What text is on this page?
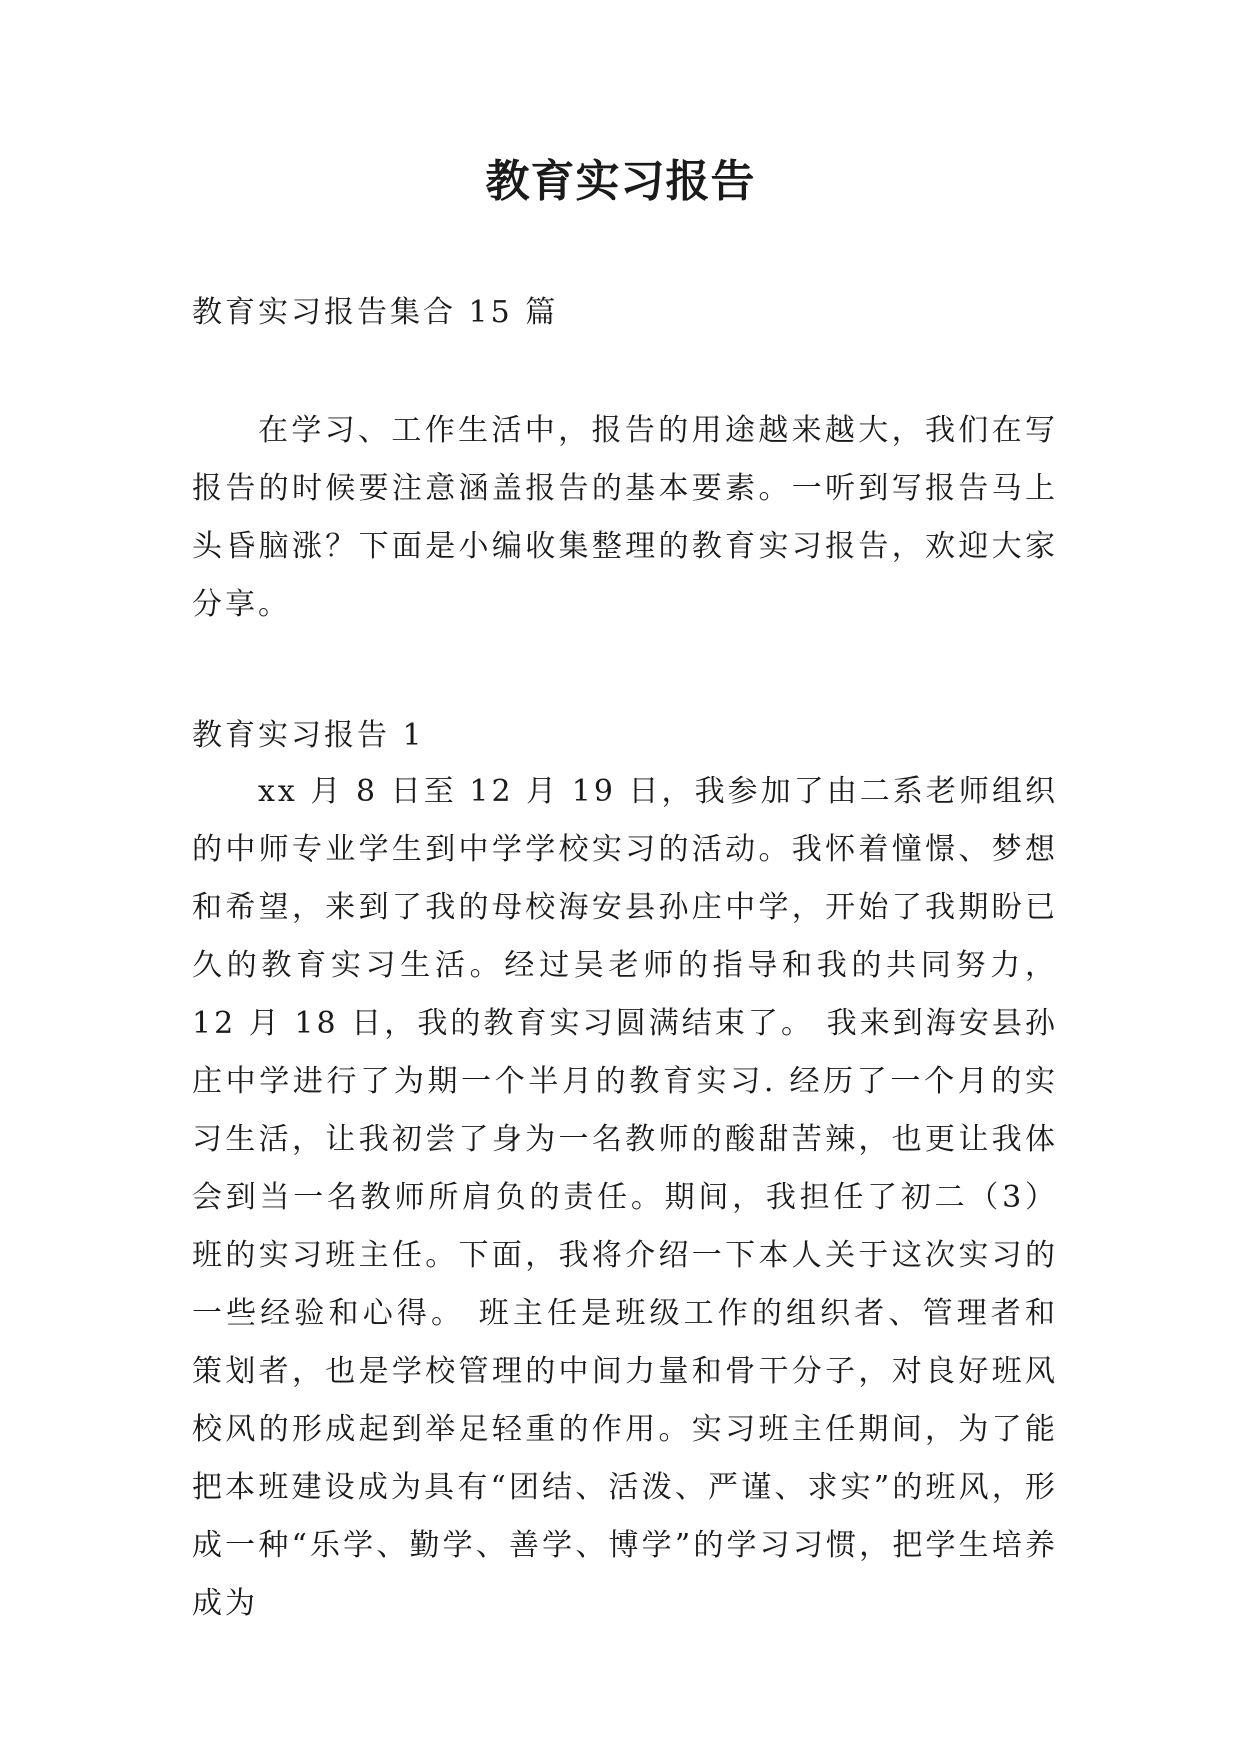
教育实习报告

教育实习报告集合 15 篇

在学习、工作生活中，报告的用途越来越大，我们在写报告的时候要注意涵盖报告的基本要素。一听到写报告马上头昏脑涨？下面是小编收集整理的教育实习报告，欢迎大家分享。

教育实习报告 1

xx 月 8 日至 12 月 19 日，我参加了由二系老师组织的中师专业学生到中学学校实习的活动。我怀着憧憬、梦想和希望，来到了我的母校海安县孙庄中学，开始了我期盼已久的教育实习生活。经过吴老师的指导和我的共同努力，12 月 18 日，我的教育实习圆满结束了。 我来到海安县孙庄中学进行了为期一个半月的教育实习. 经历了一个月的实习生活，让我初尝了身为一名教师的酸甜苦辣，也更让我体会到当一名教师所肩负的责任。期间，我担任了初二（3）班的实习班主任。下面，我将介绍一下本人关于这次实习的一些经验和心得。 班主任是班级工作的组织者、管理者和策划者，也是学校管理的中间力量和骨干分子，对良好班风校风的形成起到举足轻重的作用。实习班主任期间，为了能把本班建设成为具有“团结、活泼、严谨、求实”的班风，形成一种“乐学、勤学、善学、博学”的学习习惯，把学生培养成为
